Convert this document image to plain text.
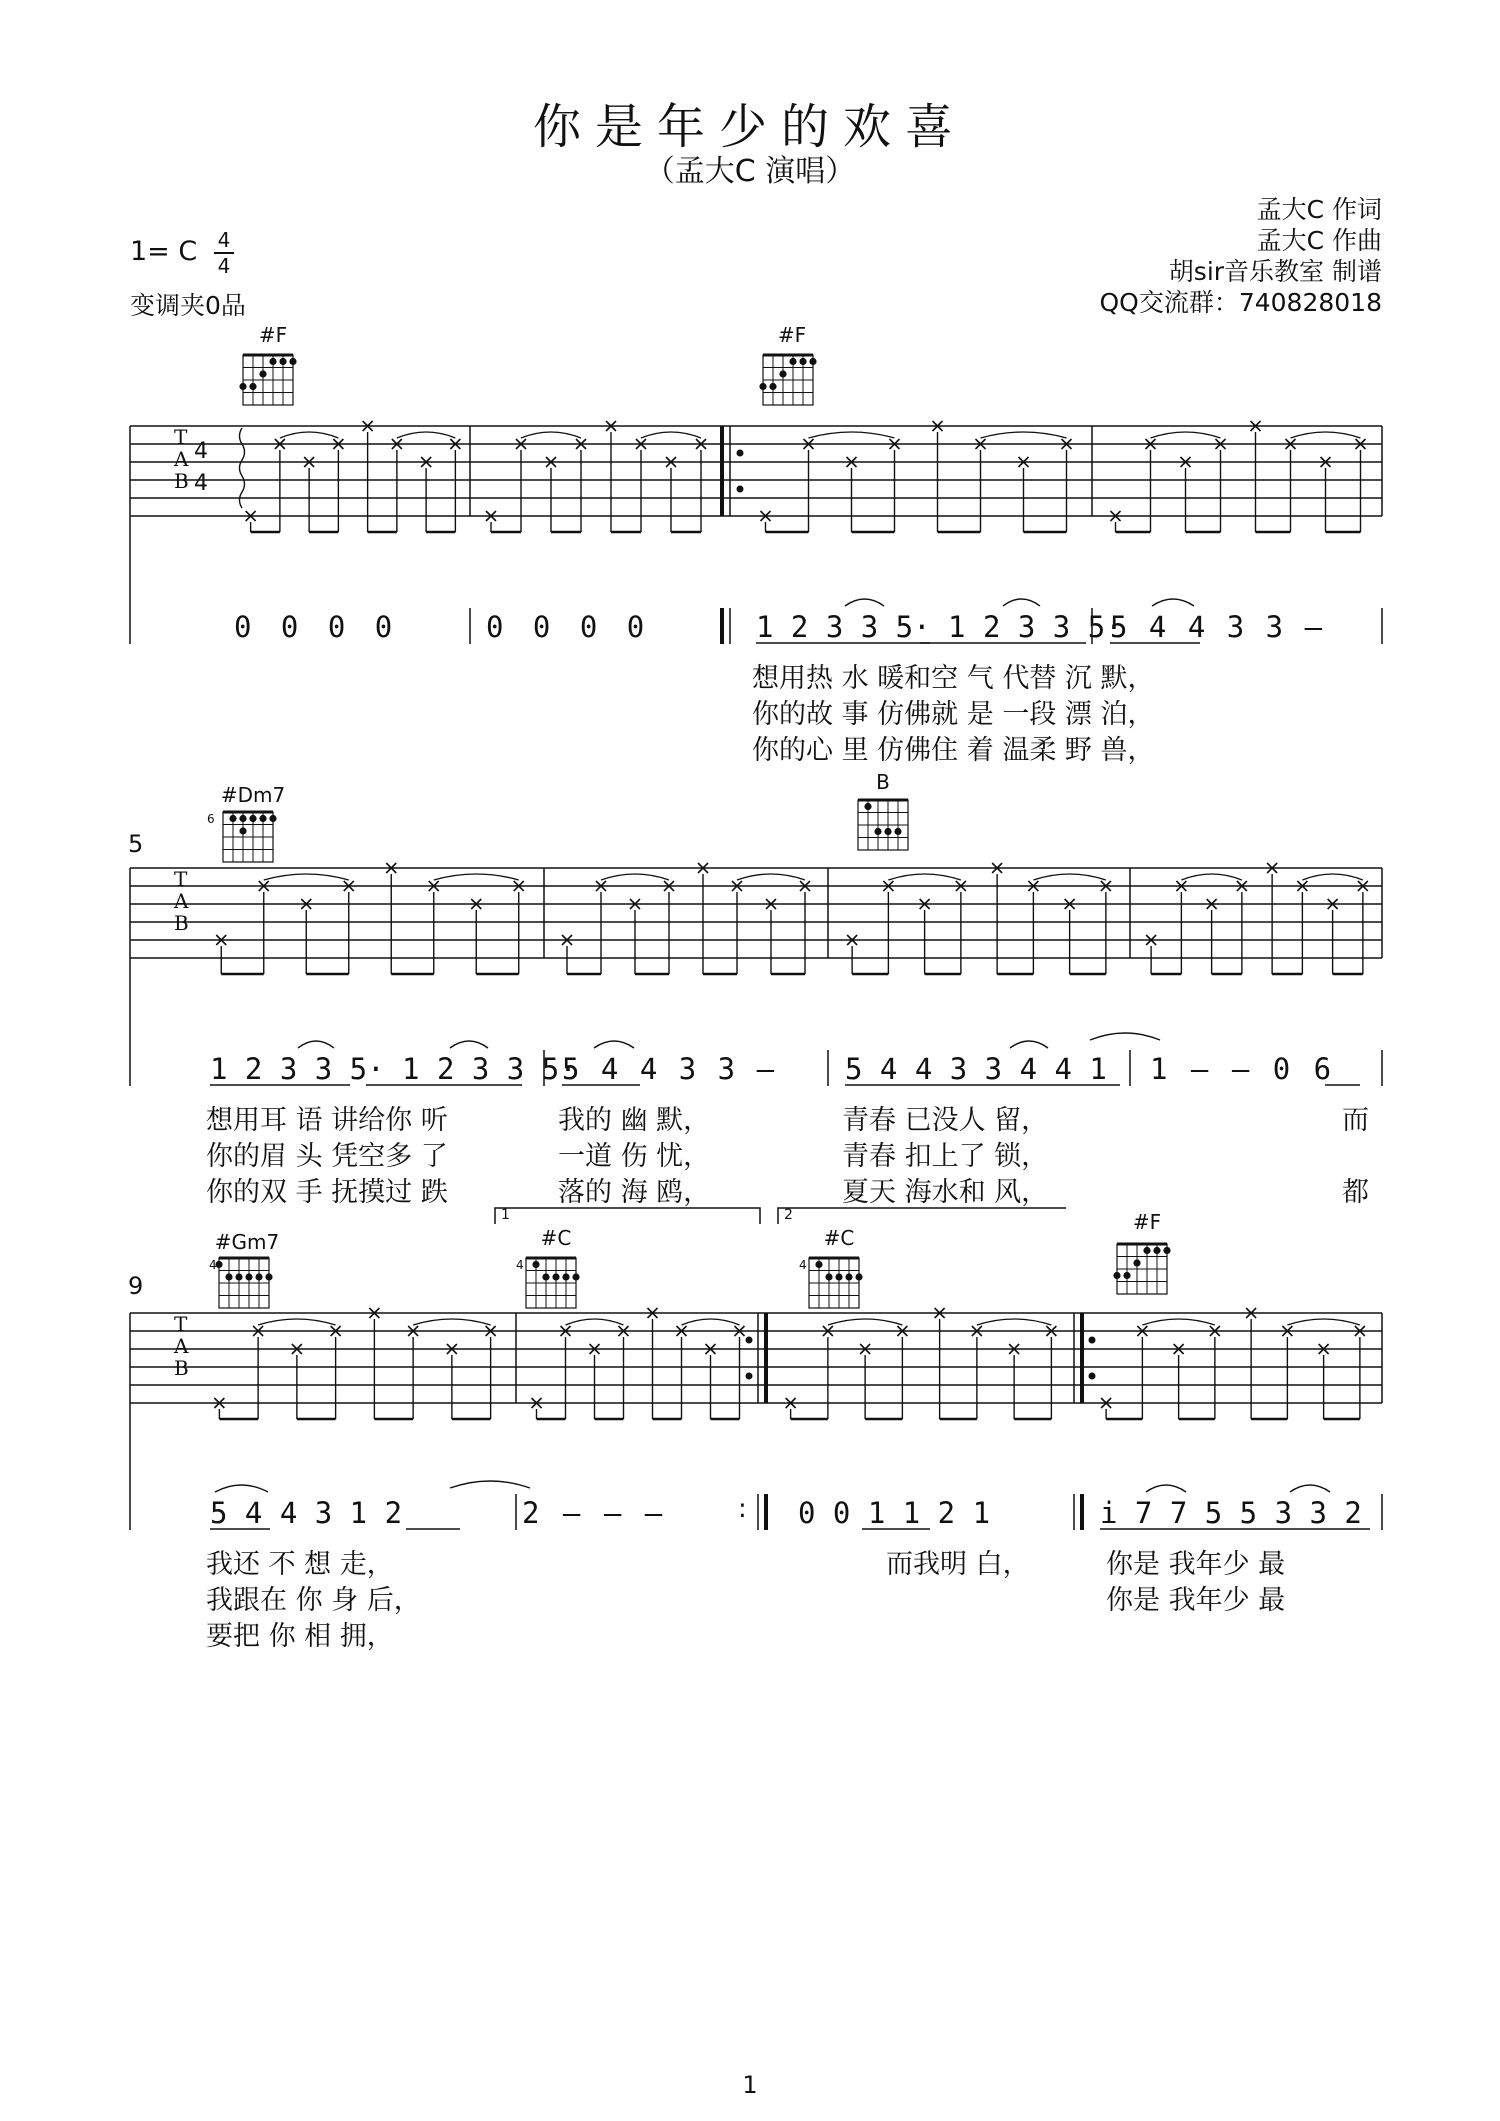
你是年少的欢喜
（孟大C 演唱）
孟大C 作词
孟大C 作曲
胡sir音乐教室 制谱
QQ交流群：740828018
1= C 4
4
变调夹0品
#F	#F
#Dm7
B
#Gm7	#C	#C
#F
6
4	4	4
T
A
B
4
4
T
A
B
T
A
B
5
9
1	2
0 0 0 0	0 0 0 0	1 2 3 3 5· 1 2 3 3 5·
5 4 4 3 3 –
想用热 水 暖和空 气 代替 沉 默，
你的故 事 仿佛就 是 一段 漂 泊，
你的心 里 仿佛住 着 温柔 野 兽，
1 2 3 3 5· 1 2 3 3 5·
5 4 4 3 3 – 5 4 4 3 3 4 4 1 1 – – 0 6
想用耳 语 讲给你 听	我的 幽 默，	青春 已没人 留，	而
你的眉 头 凭空多 了	一道 伤 忧，	青春 扣上了 锁，
你的双 手 抚摸过 跌	落的 海 鸥，	夏天 海水和 风，	都
5 4 4 3 1 2	2 – – –	0 0 1 1 2 1	i 7 7 5 5 3 3 2
:
我还 不 想 走，	而我明 白，	你是 我年少 最
我跟在 你 身 后，	你是 我年少 最
要把 你 相 拥，
1
